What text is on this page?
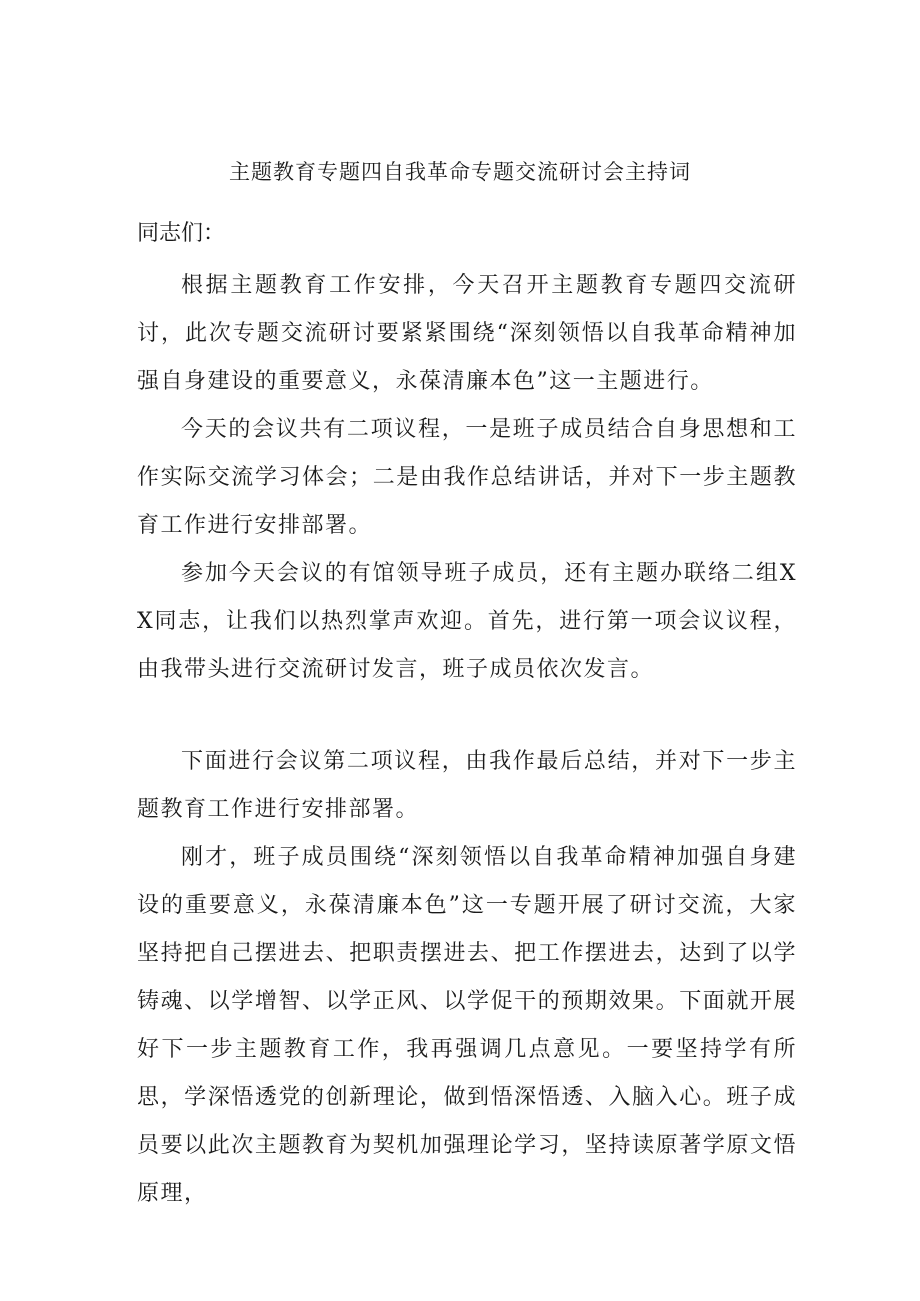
主题教育专题四自我革命专题交流研讨会主持词
同志们：

根据主题教育工作安排，今天召开主题教育专题四交流研讨，此次专题交流研讨要紧紧围绕“深刻领悟以自我革命精神加强自身建设的重要意义，永葆清廉本色”这一主题进行。

今天的会议共有二项议程，一是班子成员结合自身思想和工作实际交流学习体会；二是由我作总结讲话，并对下一步主题教育工作进行安排部署。

参加今天会议的有馆领导班子成员，还有主题办联络二组XX同志，让我们以热烈掌声欢迎。首先，进行第一项会议议程，由我带头进行交流研讨发言，班子成员依次发言。

下面进行会议第二项议程，由我作最后总结，并对下一步主题教育工作进行安排部署。

刚才，班子成员围绕“深刻领悟以自我革命精神加强自身建设的重要意义，永葆清廉本色”这一专题开展了研讨交流，大家坚持把自己摆进去、把职责摆进去、把工作摆进去，达到了以学铸魂、以学增智、以学正风、以学促干的预期效果。下面就开展好下一步主题教育工作，我再强调几点意见。一要坚持学有所思，学深悟透党的创新理论，做到悟深悟透、入脑入心。班子成员要以此次主题教育为契机加强理论学习，坚持读原著学原文悟原理，
